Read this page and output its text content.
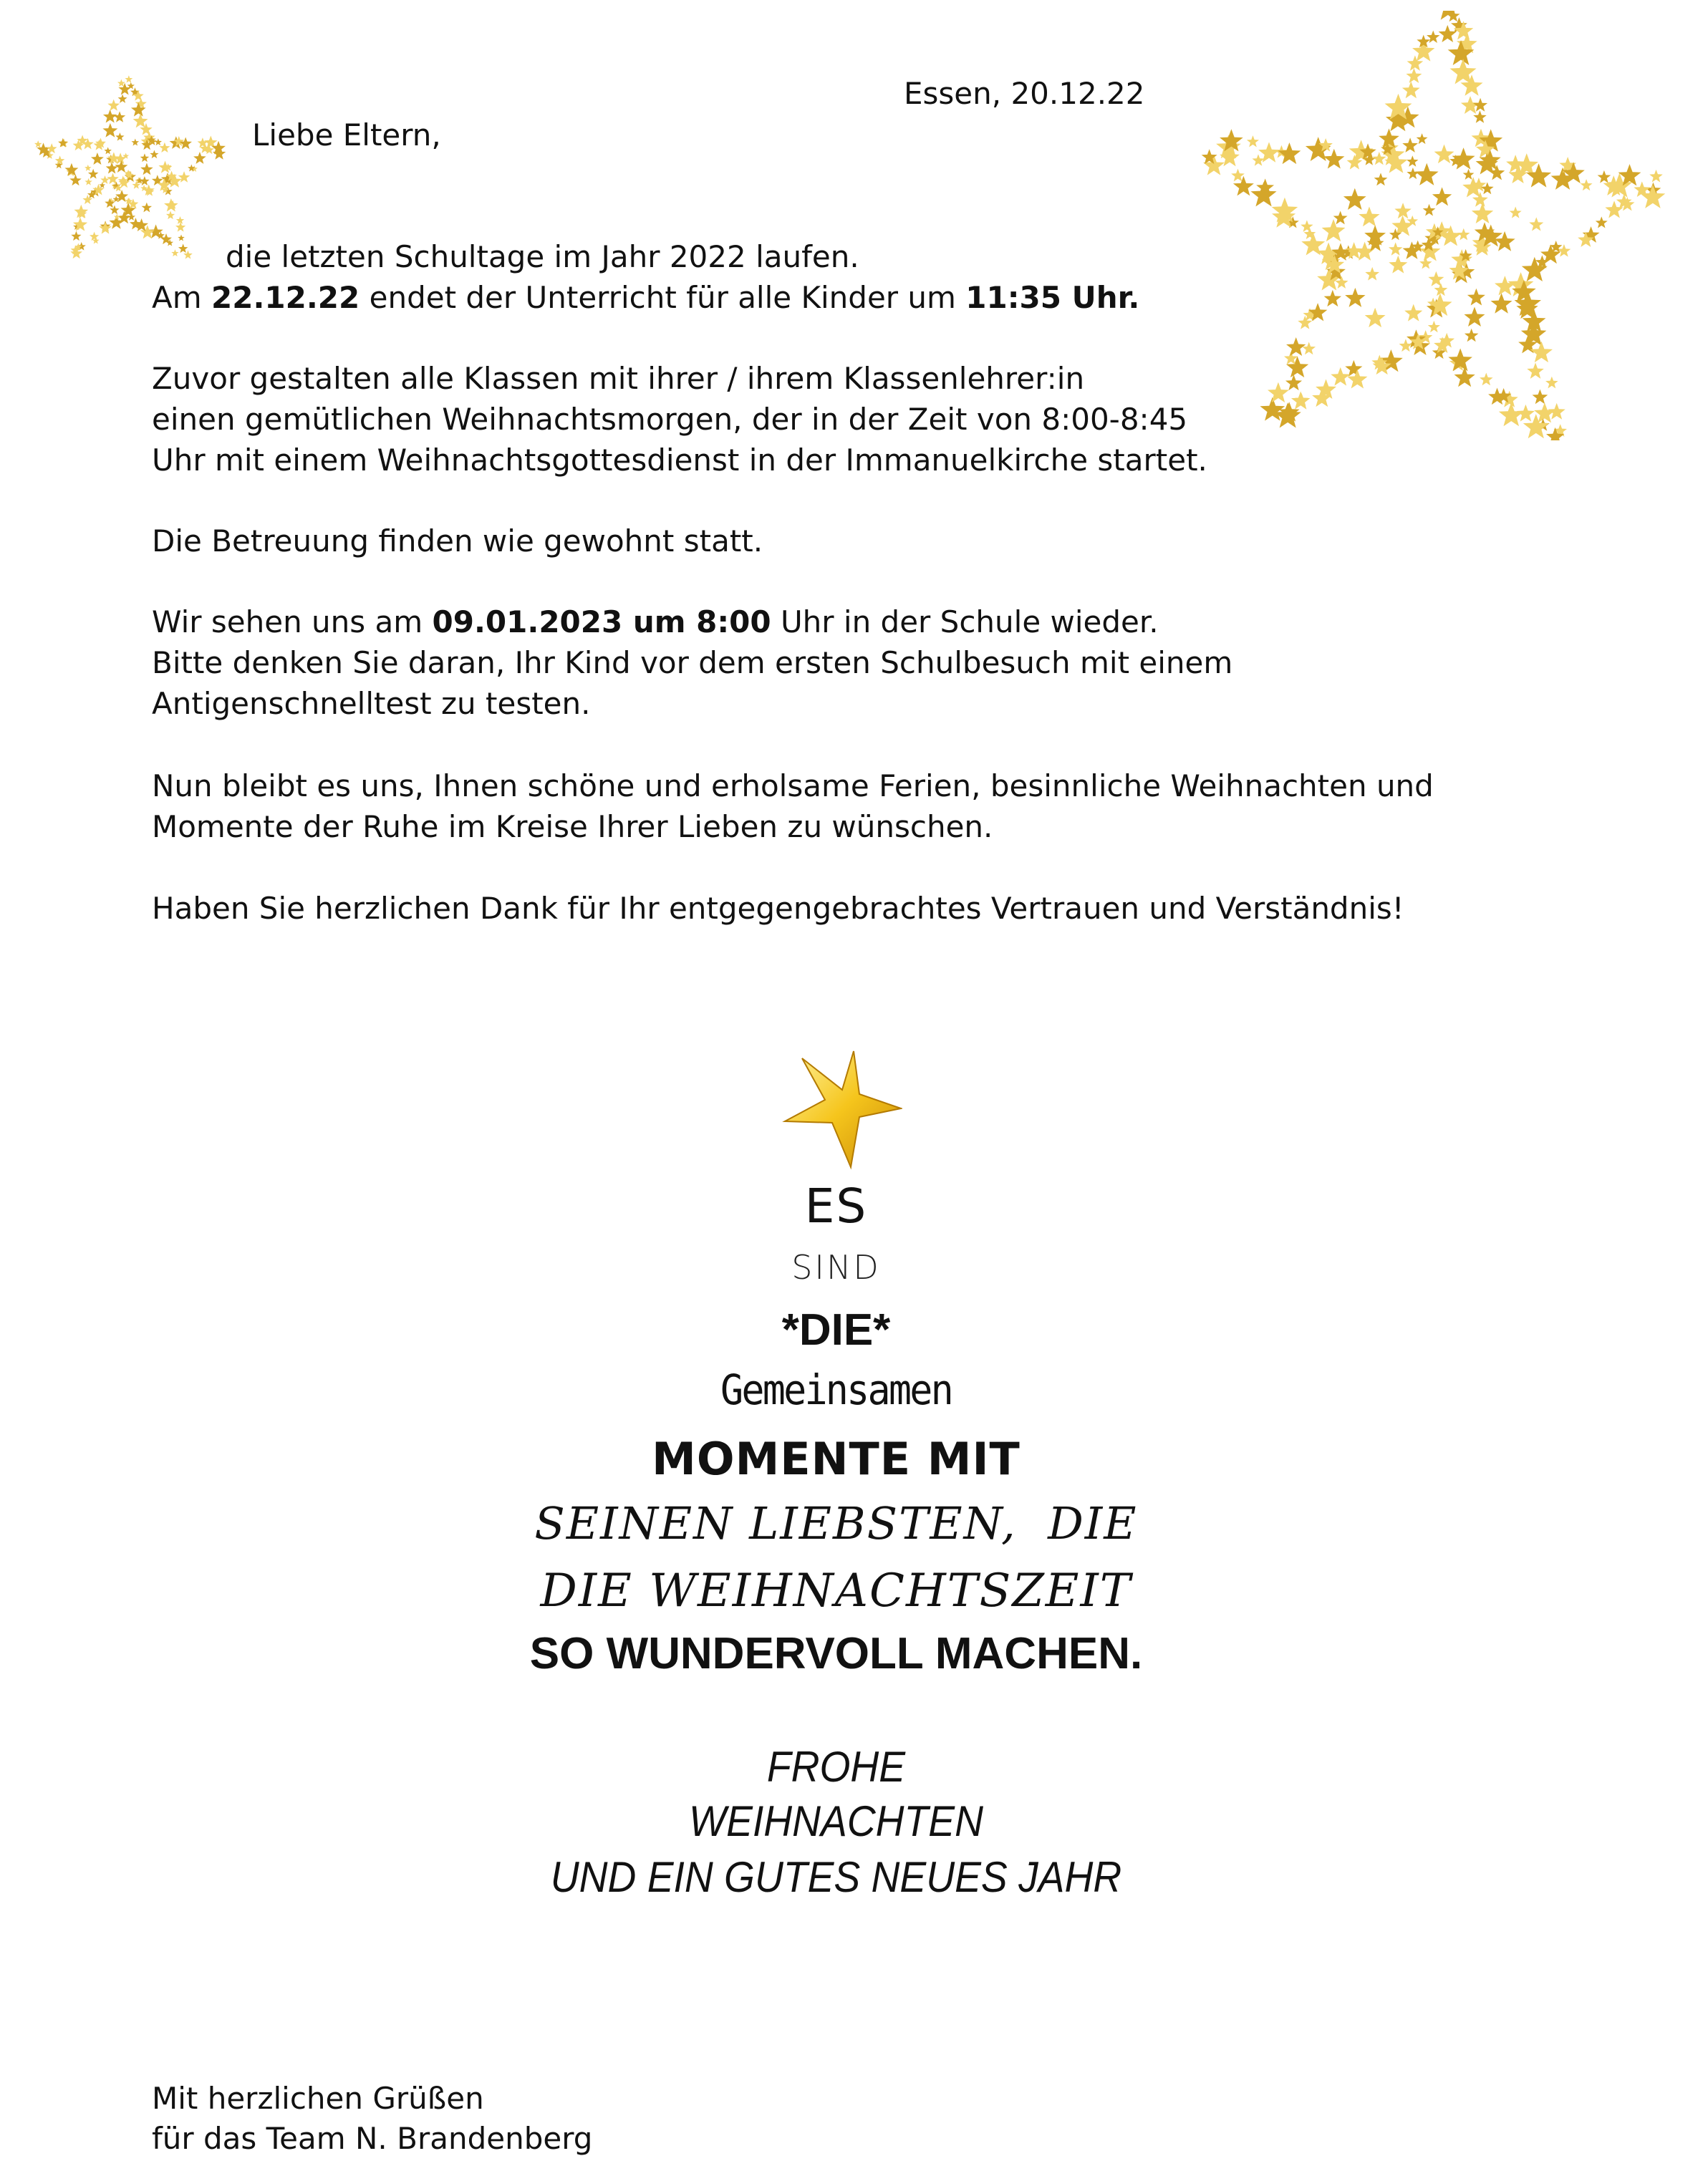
Essen, 20.12.22
Liebe Eltern,
die letzten Schultage im Jahr 2022 laufen.
Am 22.12.22 endet der Unterricht für alle Kinder um 11:35 Uhr.
Zuvor gestalten alle Klassen mit ihrer / ihrem Klassenlehrer:in
einen gemütlichen Weihnachtsmorgen, der in der Zeit von 8:00-8:45
Uhr mit einem Weihnachtsgottesdienst in der Immanuelkirche startet.
Die Betreuung finden wie gewohnt statt.
Wir sehen uns am 09.01.2023 um 8:00 Uhr in der Schule wieder.
Bitte denken Sie daran, Ihr Kind vor dem ersten Schulbesuch mit einem
Antigenschnelltest zu testen.
Nun bleibt es uns, Ihnen schöne und erholsame Ferien, besinnliche Weihnachten und
Momente der Ruhe im Kreise Ihrer Lieben zu wünschen.
Haben Sie herzlichen Dank für Ihr entgegengebrachtes Vertrauen und Verständnis!
ES
SIND
*DIE*
Gemeinsamen
MOMENTE MIT
SEINEN LIEBSTEN,  DIE
DIE WEIHNACHTSZEIT
SO WUNDERVOLL MACHEN.
FROHE
WEIHNACHTEN
UND EIN GUTES NEUES JAHR
Mit herzlichen Grüßen
für das Team N. Brandenberg
